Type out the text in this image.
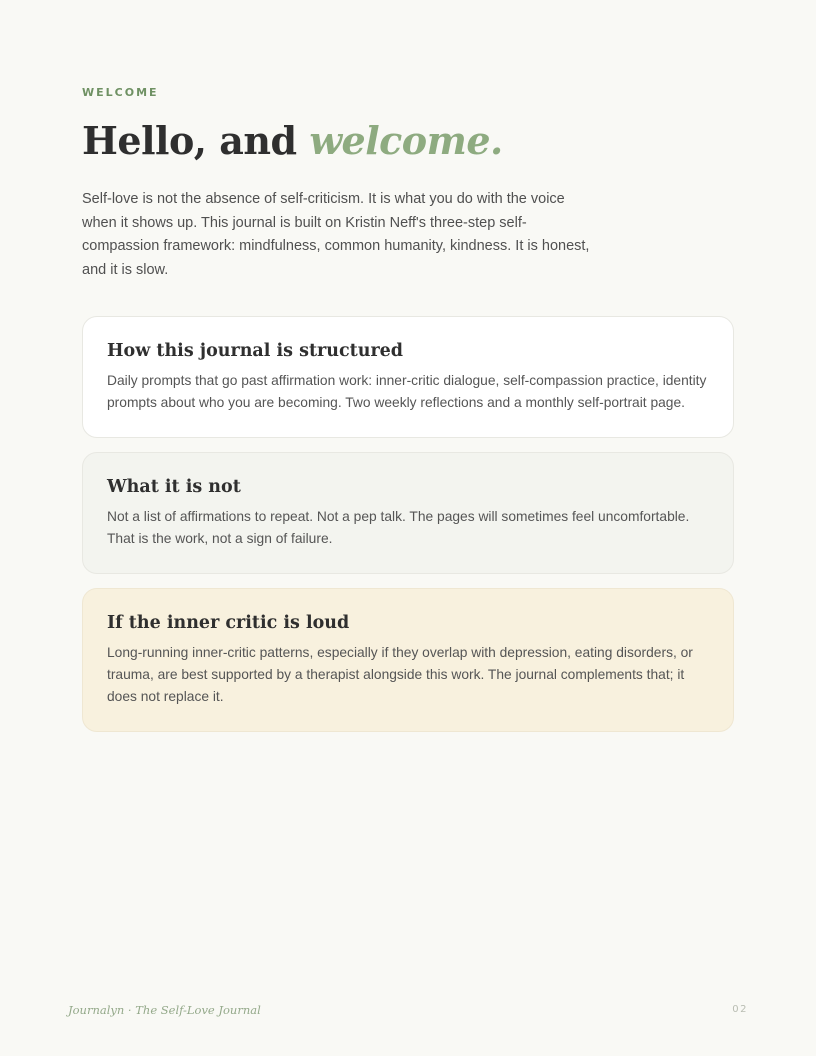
WELCOME

Hello, and welcome.

Self-love is not the absence of self-criticism. It is what you do with the voice when it shows up. This journal is built on Kristin Neff's three-step self-compassion framework: mindfulness, common humanity, kindness. It is honest, and it is slow.

How this journal is structured

Daily prompts that go past affirmation work: inner-critic dialogue, self-compassion practice, identity prompts about who you are becoming. Two weekly reflections and a monthly self-portrait page.

What it is not

Not a list of affirmations to repeat. Not a pep talk. The pages will sometimes feel uncomfortable. That is the work, not a sign of failure.

If the inner critic is loud

Long-running inner-critic patterns, especially if they overlap with depression, eating disorders, or trauma, are best supported by a therapist alongside this work. The journal complements that; it does not replace it.

Journalyn · The Self-Love Journal	02
